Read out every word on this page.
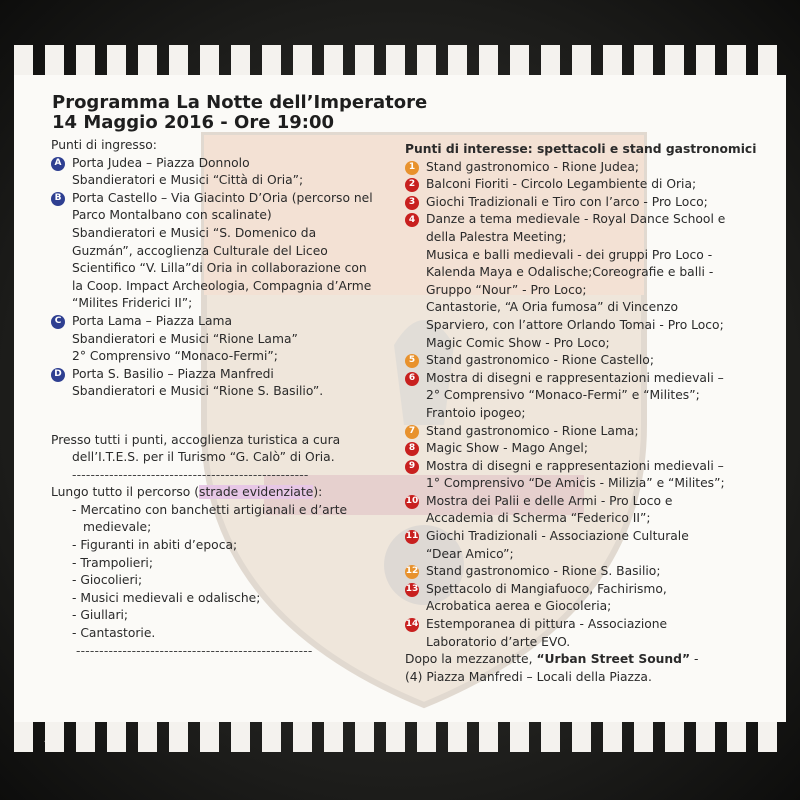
Programma La Notte dell’Imperatore
14 Maggio 2016 - Ore 19:00
Punti di ingresso:
A Porta Judea – Piazza Donnolo
Sbandieratori e Musici “Città di Oria”;
B Porta Castello – Via Giacinto D’Oria (percorso nel
Parco Montalbano con scalinate)
Sbandieratori e Musici “S. Domenico da
Guzmán”, accoglienza Culturale del Liceo
Scientifico “V. Lilla”di Oria in collaborazione con
la Coop. Impact Archeologia, Compagnia d’Arme
“Milites Friderici II”;
C Porta Lama – Piazza Lama
Sbandieratori e Musici “Rione Lama”
2° Comprensivo “Monaco-Fermi”;
D Porta S. Basilio – Piazza Manfredi
Sbandieratori e Musici “Rione S. Basilio”.
Presso tutti i punti, accoglienza turistica a cura
dell’I.T.E.S. per il Turismo “G. Calò” di Oria.
---------------------------------------------------
Lungo tutto il percorso (strade evidenziate):
- Mercatino con banchetti artigianali e d’arte
medievale;
- Figuranti in abiti d’epoca;
- Trampolieri;
- Giocolieri;
- Musici medievali e odalische;
- Giullari;
- Cantastorie.
---------------------------------------------------
Punti di interesse: spettacoli e stand gastronomici
1 Stand gastronomico - Rione Judea;
2 Balconi Fioriti - Circolo Legambiente di Oria;
3 Giochi Tradizionali e Tiro con l’arco - Pro Loco;
4 Danze a tema medievale - Royal Dance School e
della Palestra Meeting;
Musica e balli medievali - dei gruppi Pro Loco -
Kalenda Maya e Odalische;Coreografie e balli -
Gruppo “Nour” - Pro Loco;
Cantastorie, “A Oria fumosa” di Vincenzo
Sparviero, con l’attore Orlando Tomai - Pro Loco;
Magic Comic Show - Pro Loco;
5 Stand gastronomico - Rione Castello;
6 Mostra di disegni e rappresentazioni medievali –
2° Comprensivo “Monaco-Fermi” e “Milites”;
Frantoio ipogeo;
7 Stand gastronomico - Rione Lama;
8 Magic Show - Mago Angel;
9 Mostra di disegni e rappresentazioni medievali –
1° Comprensivo “De Amicis - Milizia” e “Milites”;
10 Mostra dei Palii e delle Armi - Pro Loco e
Accademia di Scherma “Federico II”;
11 Giochi Tradizionali - Associazione Culturale
“Dear Amico”;
12 Stand gastronomico - Rione S. Basilio;
13 Spettacolo di Mangiafuoco, Fachirismo,
Acrobatica aerea e Giocoleria;
14 Estemporanea di pittura - Associazione
Laboratorio d’arte EVO.
Dopo la mezzanotte, “Urban Street Sound” -
(4) Piazza Manfredi – Locali della Piazza.
4
